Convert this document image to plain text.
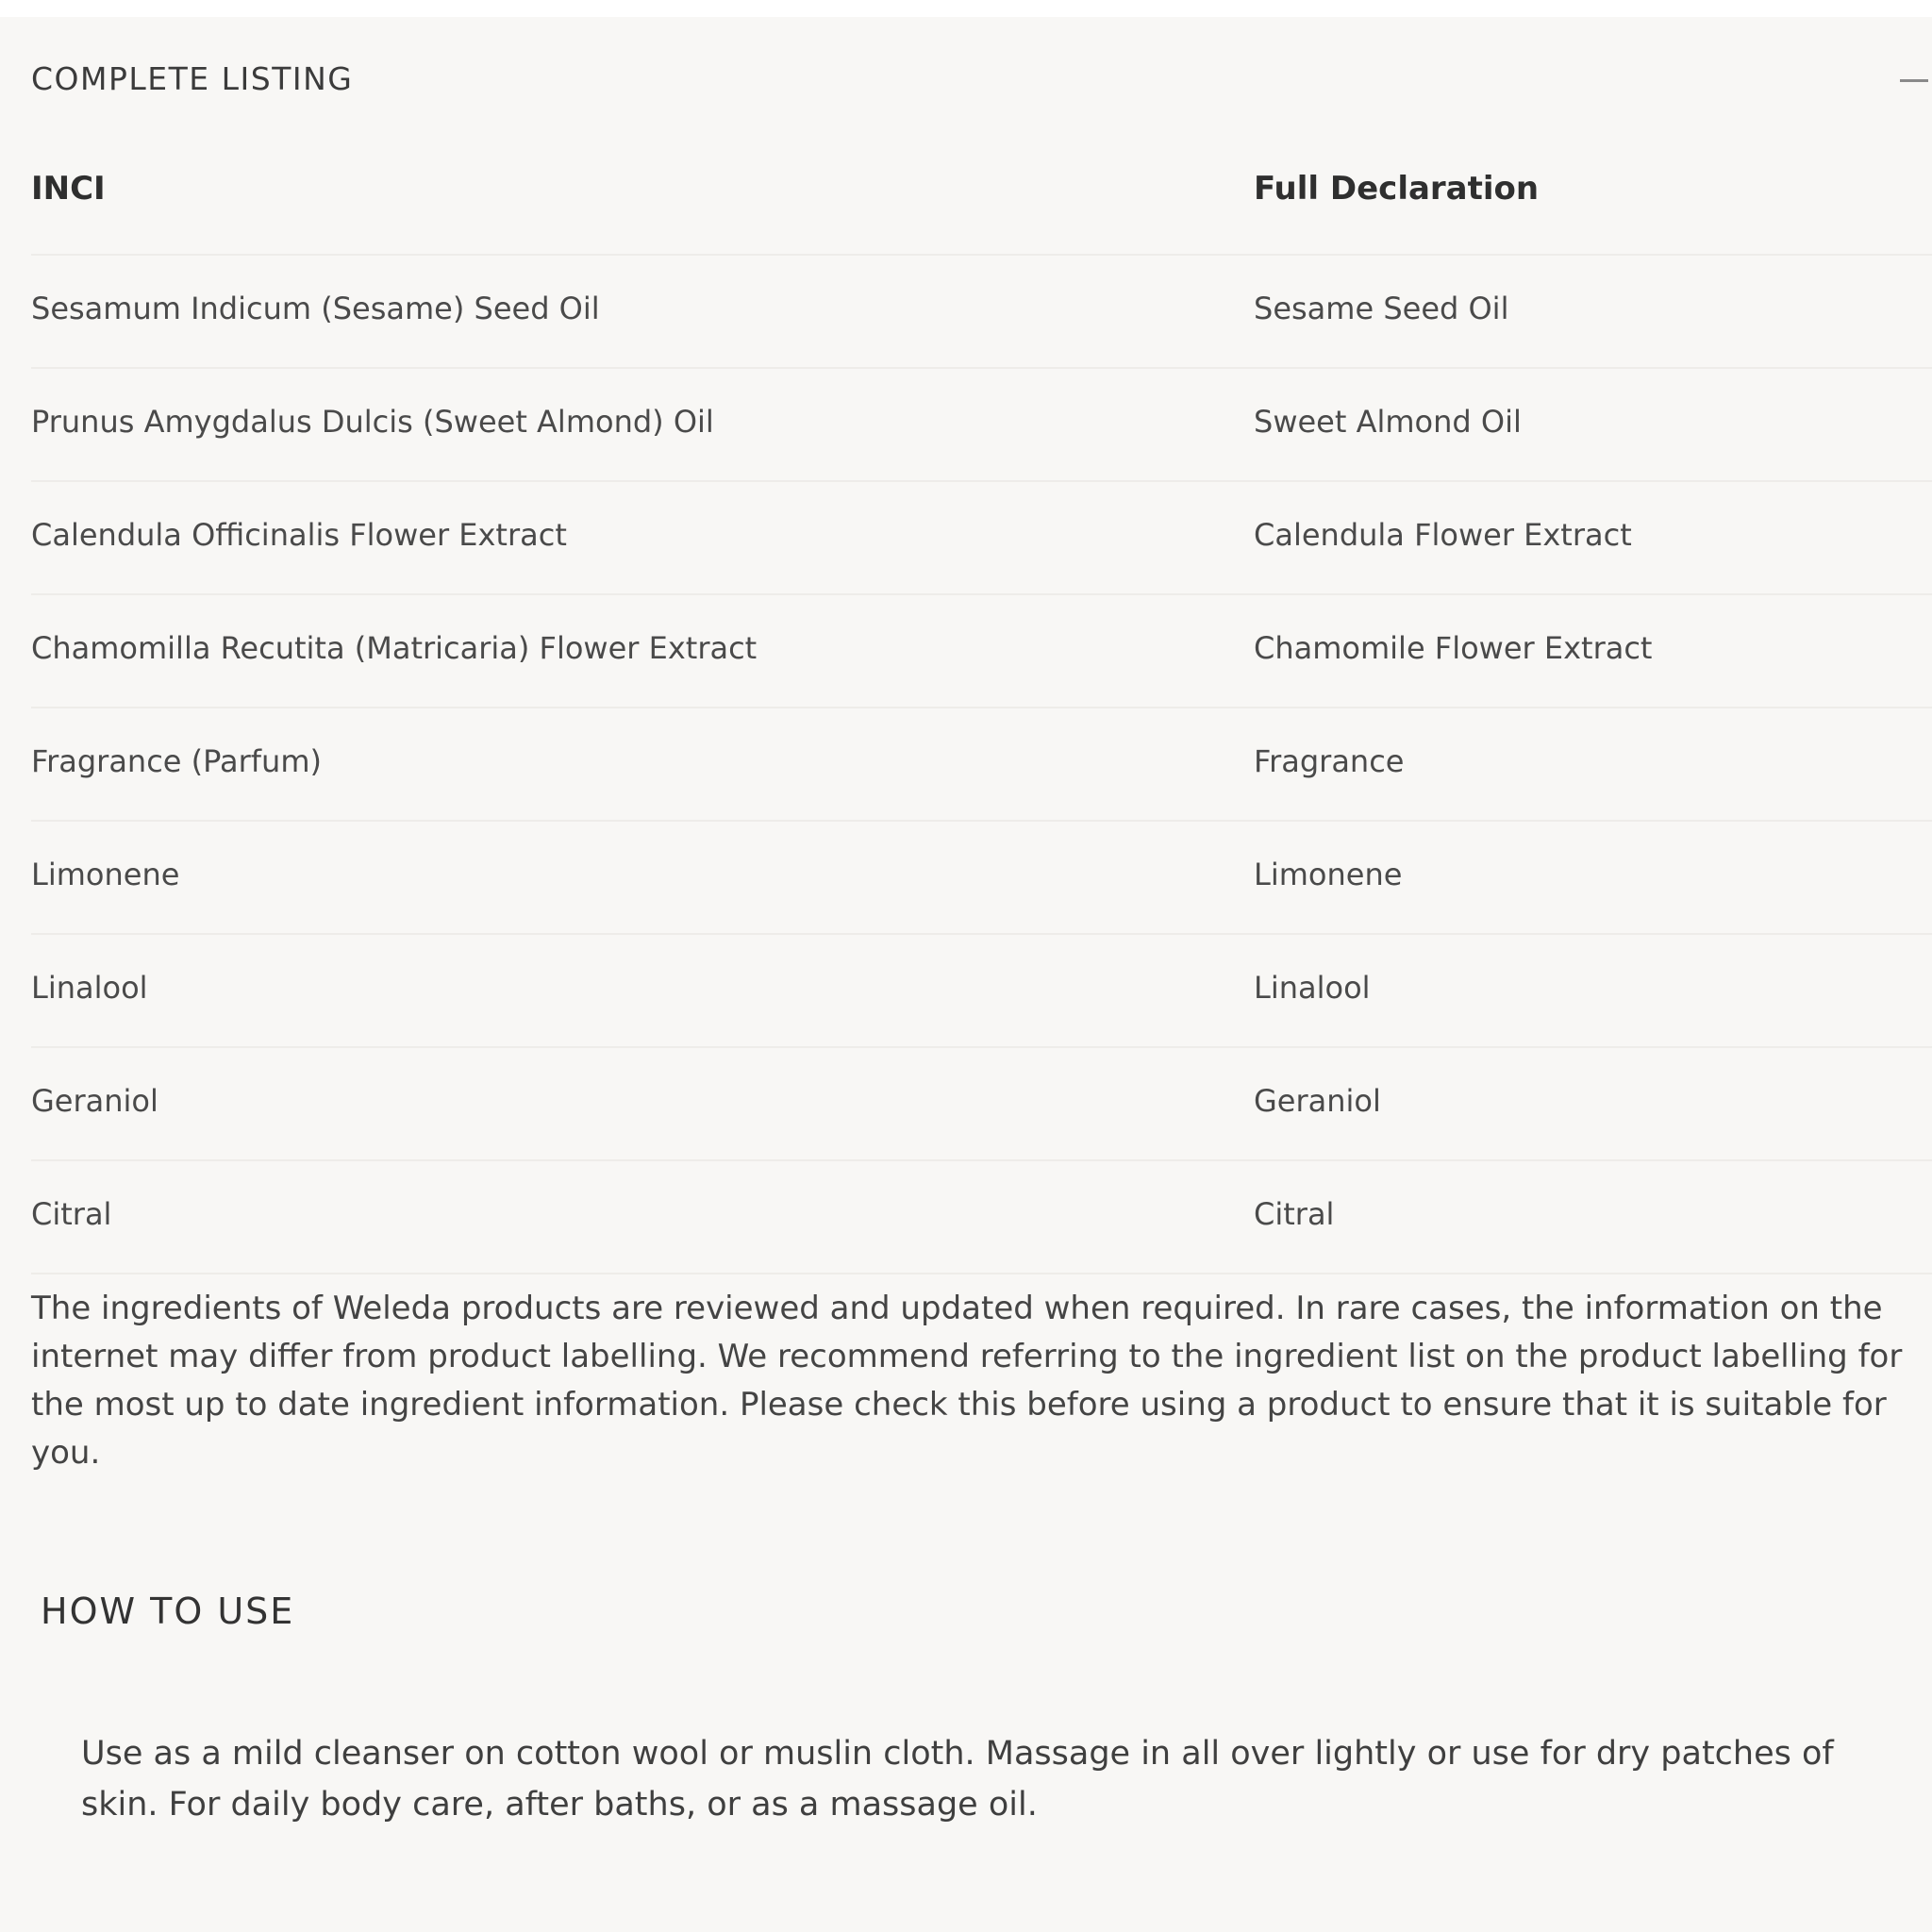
COMPLETE LISTING
INCI	Full Declaration
Sesamum Indicum (Sesame) Seed Oil	Sesame Seed Oil
Prunus Amygdalus Dulcis (Sweet Almond) Oil	Sweet Almond Oil
Calendula Officinalis Flower Extract	Calendula Flower Extract
Chamomilla Recutita (Matricaria) Flower Extract	Chamomile Flower Extract
Fragrance (Parfum)	Fragrance
Limonene	Limonene
Linalool	Linalool
Geraniol	Geraniol
Citral	Citral

The ingredients of Weleda products are reviewed and updated when required. In rare cases, the information on the internet may differ from product labelling. We recommend referring to the ingredient list on the product labelling for the most up to date ingredient information. Please check this before using a product to ensure that it is suitable for you.

HOW TO USE

Use as a mild cleanser on cotton wool or muslin cloth. Massage in all over lightly or use for dry patches of skin. For daily body care, after baths, or as a massage oil.
